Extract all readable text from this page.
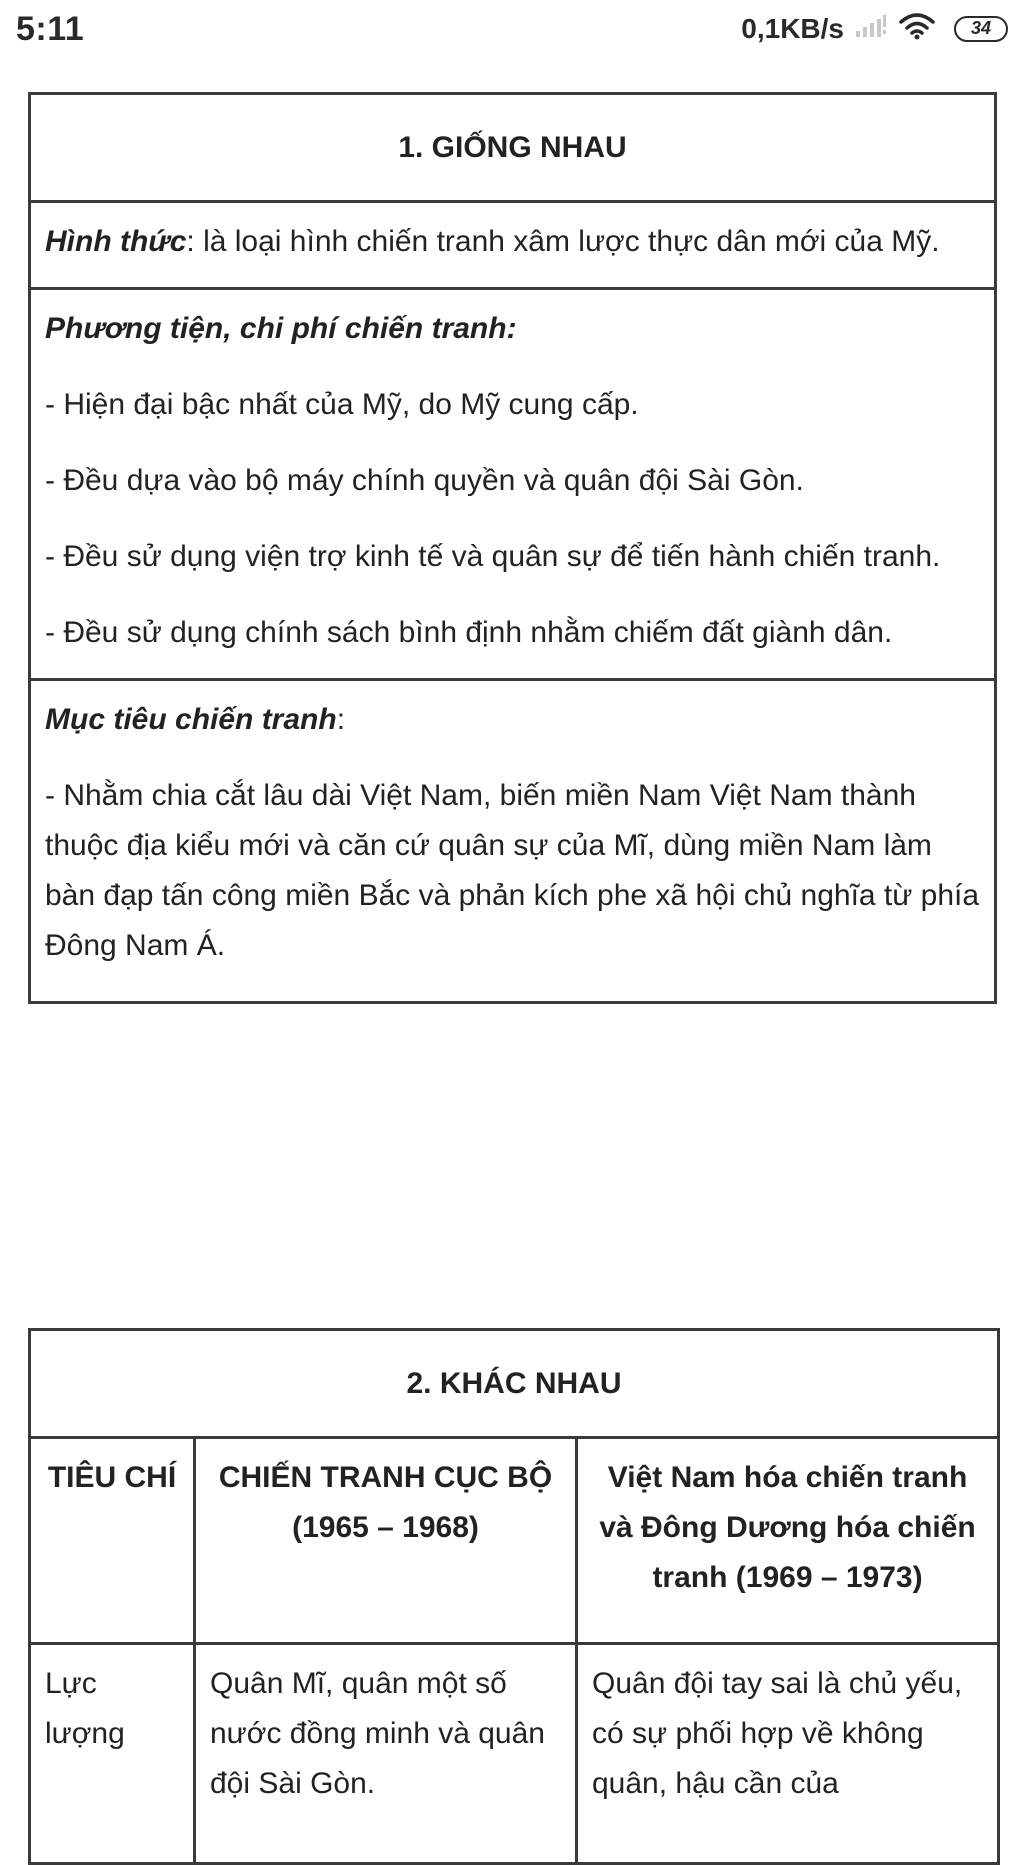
5:11	0,1KB/s	34
1. GIỐNG NHAU

Hình thức: là loại hình chiến tranh xâm lược thực dân mới của Mỹ.

Phương tiện, chi phí chiến tranh:

- Hiện đại bậc nhất của Mỹ, do Mỹ cung cấp.

- Đều dựa vào bộ máy chính quyền và quân đội Sài Gòn.

- Đều sử dụng viện trợ kinh tế và quân sự để tiến hành chiến tranh.

- Đều sử dụng chính sách bình định nhằm chiếm đất giành dân.

Mục tiêu chiến tranh:

- Nhằm chia cắt lâu dài Việt Nam, biến miền Nam Việt Nam thành thuộc địa kiểu mới và căn cứ quân sự của Mĩ, dùng miền Nam làm bàn đạp tấn công miền Bắc và phản kích phe xã hội chủ nghĩa từ phía Đông Nam Á.

2. KHÁC NHAU		
TIÊU CHÍ	CHIẾN TRANH CỤC BỘ (1965 – 1968)	Việt Nam hóa chiến tranh và Đông Dương hóa chiến tranh (1969 – 1973)
Lực lượng	Quân Mĩ, quân một số nước đồng minh và quân đội Sài Gòn.	Quân đội tay sai là chủ yếu, có sự phối hợp về không quân, hậu cần của
